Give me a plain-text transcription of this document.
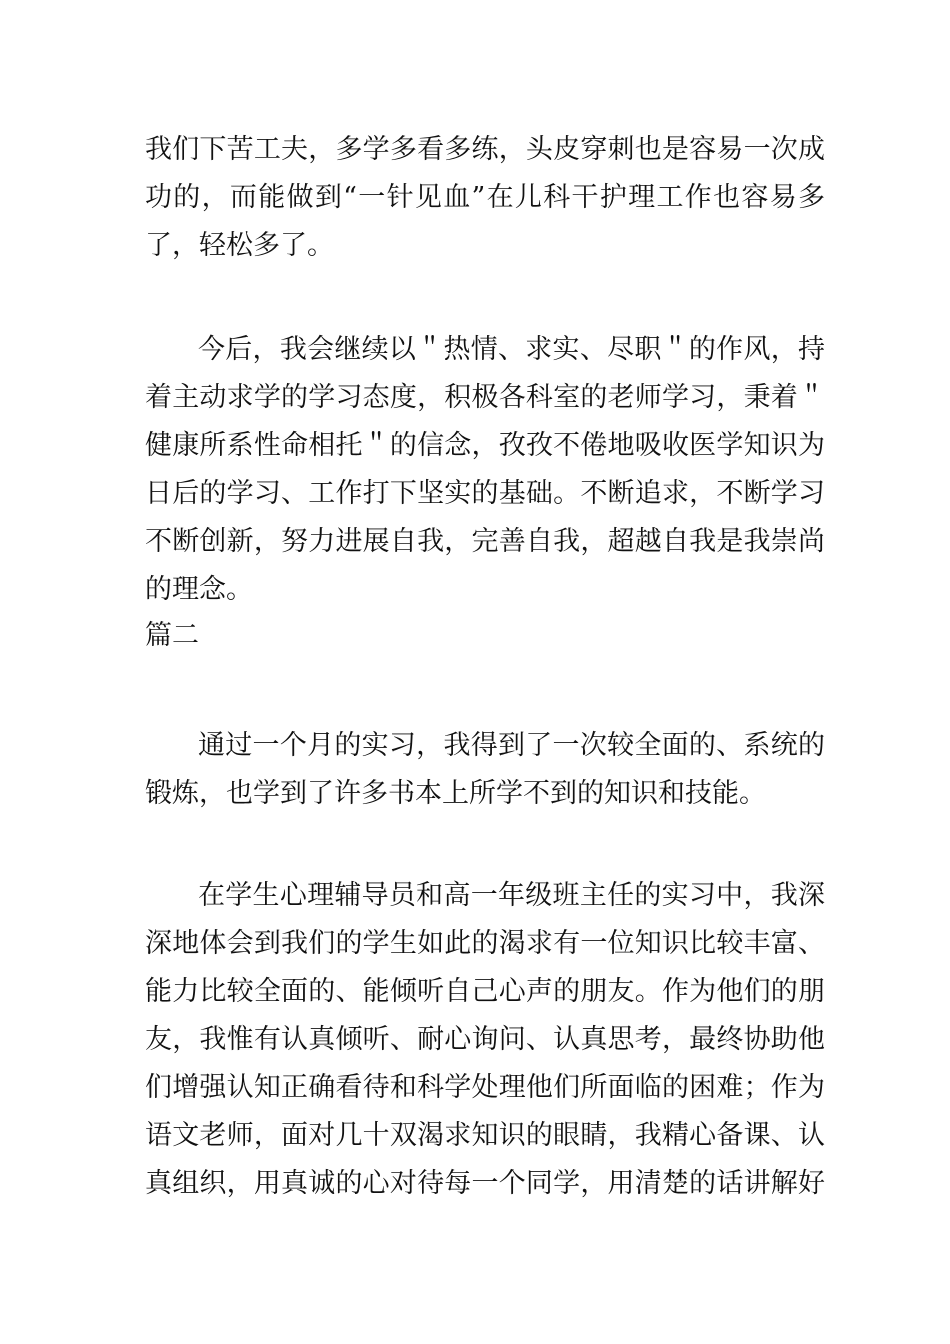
我们下苦工夫，多学多看多练，头皮穿刺也是容易一次成
功的，而能做到“一针见血”在儿科干护理工作也容易多
了，轻松多了。
今后，我会继续以＂热情、求实、尽职＂的作风，持
着主动求学的学习态度，积极各科室的老师学习，秉着＂
健康所系性命相托＂的信念，孜孜不倦地吸收医学知识为
日后的学习、工作打下坚实的基础。不断追求，不断学习
不断创新，努力进展自我，完善自我，超越自我是我崇尚
的理念。
篇二
通过一个月的实习，我得到了一次较全面的、系统的
锻炼，也学到了许多书本上所学不到的知识和技能。
在学生心理辅导员和高一年级班主任的实习中，我深
深地体会到我们的学生如此的渴求有一位知识比较丰富、
能力比较全面的、能倾听自己心声的朋友。作为他们的朋
友，我惟有认真倾听、耐心询问、认真思考，最终协助他
们增强认知正确看待和科学处理他们所面临的困难；作为
语文老师，面对几十双渴求知识的眼睛，我精心备课、认
真组织，用真诚的心对待每一个同学，用清楚的话讲解好
